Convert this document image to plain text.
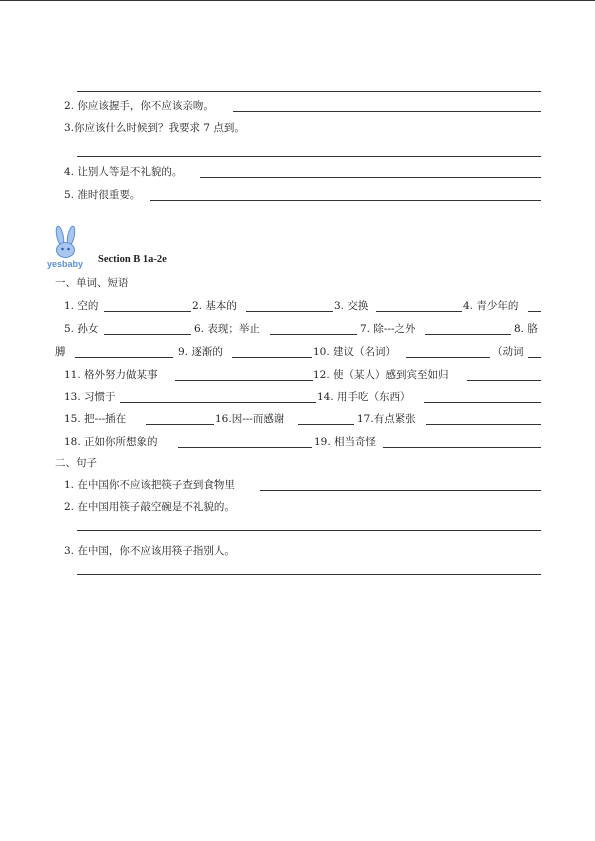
2. 你应该握手，你不应该亲吻。
3.你应该什么时候到？我要求 7 点到。
4. 让别人等是不礼貌的。
5. 准时很重要。
yesbaby Section B 1a-2e
一、单词、短语
1. 空的	2. 基本的	3. 交换	4. 青少年的
5. 孙女	6. 表现；举止	7. 除---之外	8. 胳
膊	9. 逐渐的	10. 建议（名词）	（动词
11. 格外努力做某事	12. 使（某人）感到宾至如归
13. 习惯于	14. 用手吃（东西）
15. 把---插在	16.因---而感谢	17.有点紧张
18. 正如你所想象的	19. 相当奇怪
二、句子
1. 在中国你不应该把筷子查到食物里
2. 在中国用筷子敲空碗是不礼貌的。
3. 在中国，你不应该用筷子指别人。
